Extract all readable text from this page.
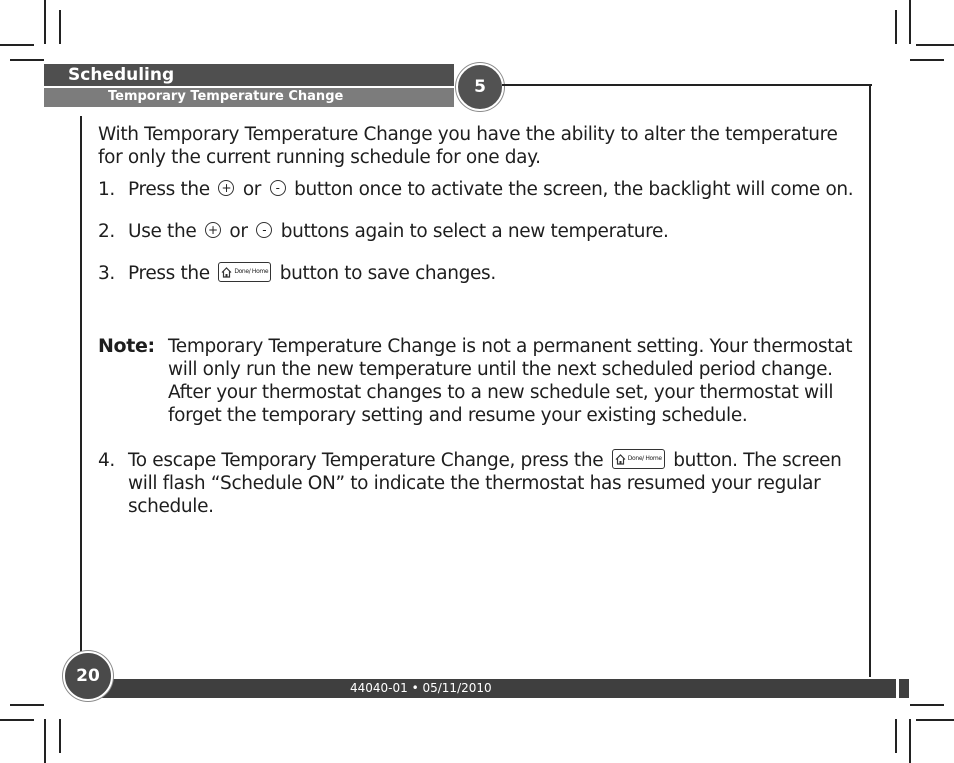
Scheduling
Temporary Temperature Change	5

With Temporary Temperature Change you have the ability to alter the temperature for only the current running schedule for one day.

1. Press the + or - button once to activate the screen, the backlight will come on.
2. Use the + or - buttons again to select a new temperature.
3. Press the	Done/ Home button to save changes.
Note: Temporary Temperature Change is not a permanent setting. Your thermostat will only run the new temperature until the next scheduled period change. After your thermostat changes to a new schedule set, your thermostat will forget the temporary setting and resume your existing schedule.
4. To escape Temporary Temperature Change, press the	Done/ Home button. The screen will flash “Schedule ON” to indicate the thermostat has resumed your regular schedule.
20
44040-01 • 05/11/2010
